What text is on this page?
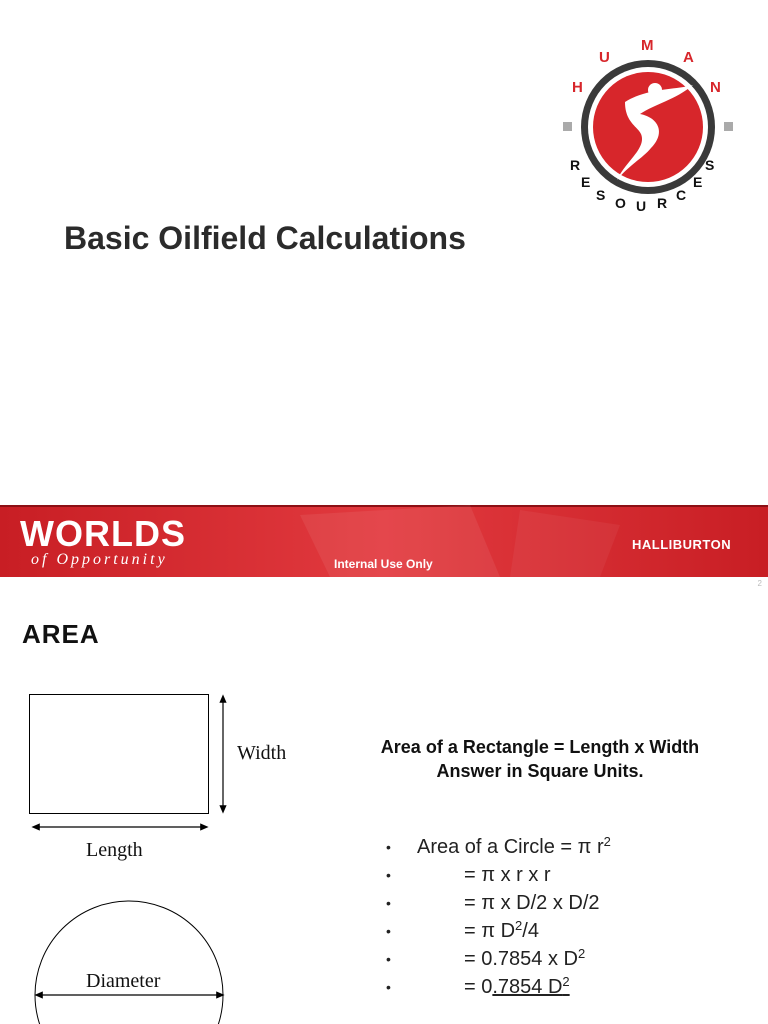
H
U
M
A
N
R
E
S O U R C
E
S
Basic Oilfield Calculations
WORLDS
of Opportunity	Internal Use Only
HALLIBURTON
2
AREA
Width
Length
Diameter
Area of a Rectangle = Length x Width
Answer in Square Units.
• Area of a Circle = π $r^2$
•	= π x r x r
•	= π x D/2 x D/2
•	= π $D^2/4$
•	= 0.7854 x $D^2$
•	= 0.7854 $D^2$
